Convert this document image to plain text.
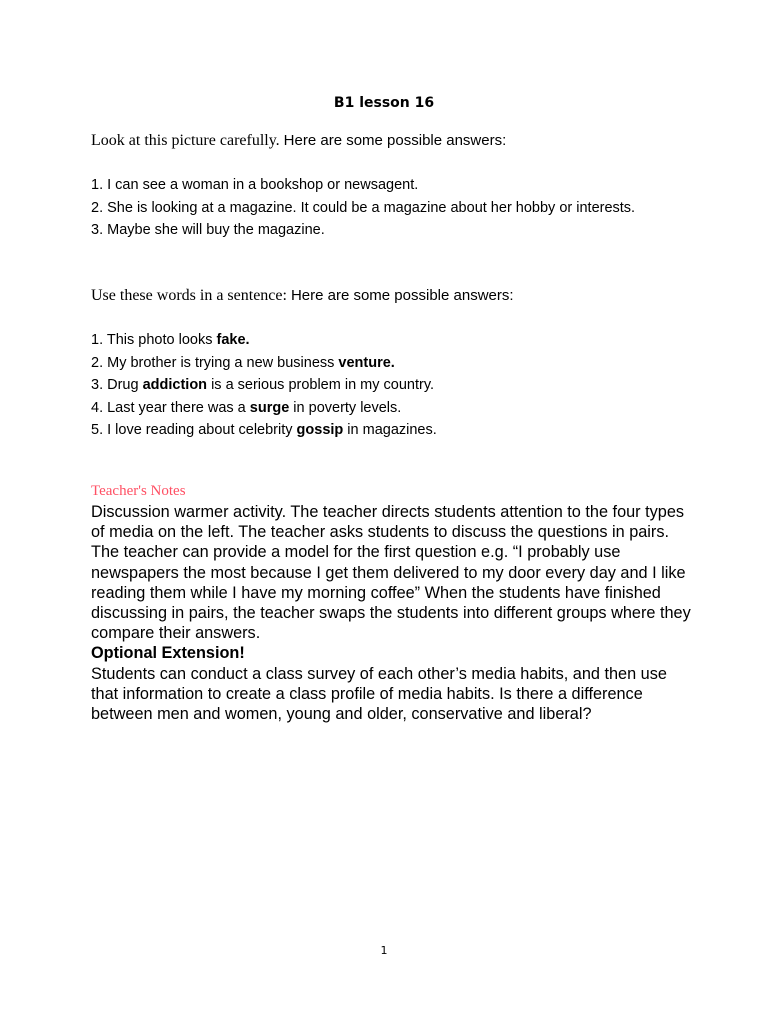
B1 lesson 16
Look at this picture carefully. Here are some possible answers:
1. I can see a woman in a bookshop or newsagent.
2. She is looking at a magazine. It could be a magazine about her hobby or interests.
3. Maybe she will buy the magazine.
Use these words in a sentence: Here are some possible answers:
1. This photo looks fake.
2. My brother is trying a new business venture.
3. Drug addiction is a serious problem in my country.
4. Last year there was a surge in poverty levels.
5. I love reading about celebrity gossip in magazines.
Teacher's Notes

Discussion warmer activity. The teacher directs students attention to the four types of media on the left. The teacher asks students to discuss the questions in pairs. The teacher can provide a model for the first question e.g. “I probably use newspapers the most because I get them delivered to my door every day and I like reading them while I have my morning coffee” When the students have finished discussing in pairs, the teacher swaps the students into different groups where they compare their answers.

Optional Extension!

Students can conduct a class survey of each other’s media habits, and then use that information to create a class profile of media habits. Is there a difference between men and women, young and older, conservative and liberal?

1
